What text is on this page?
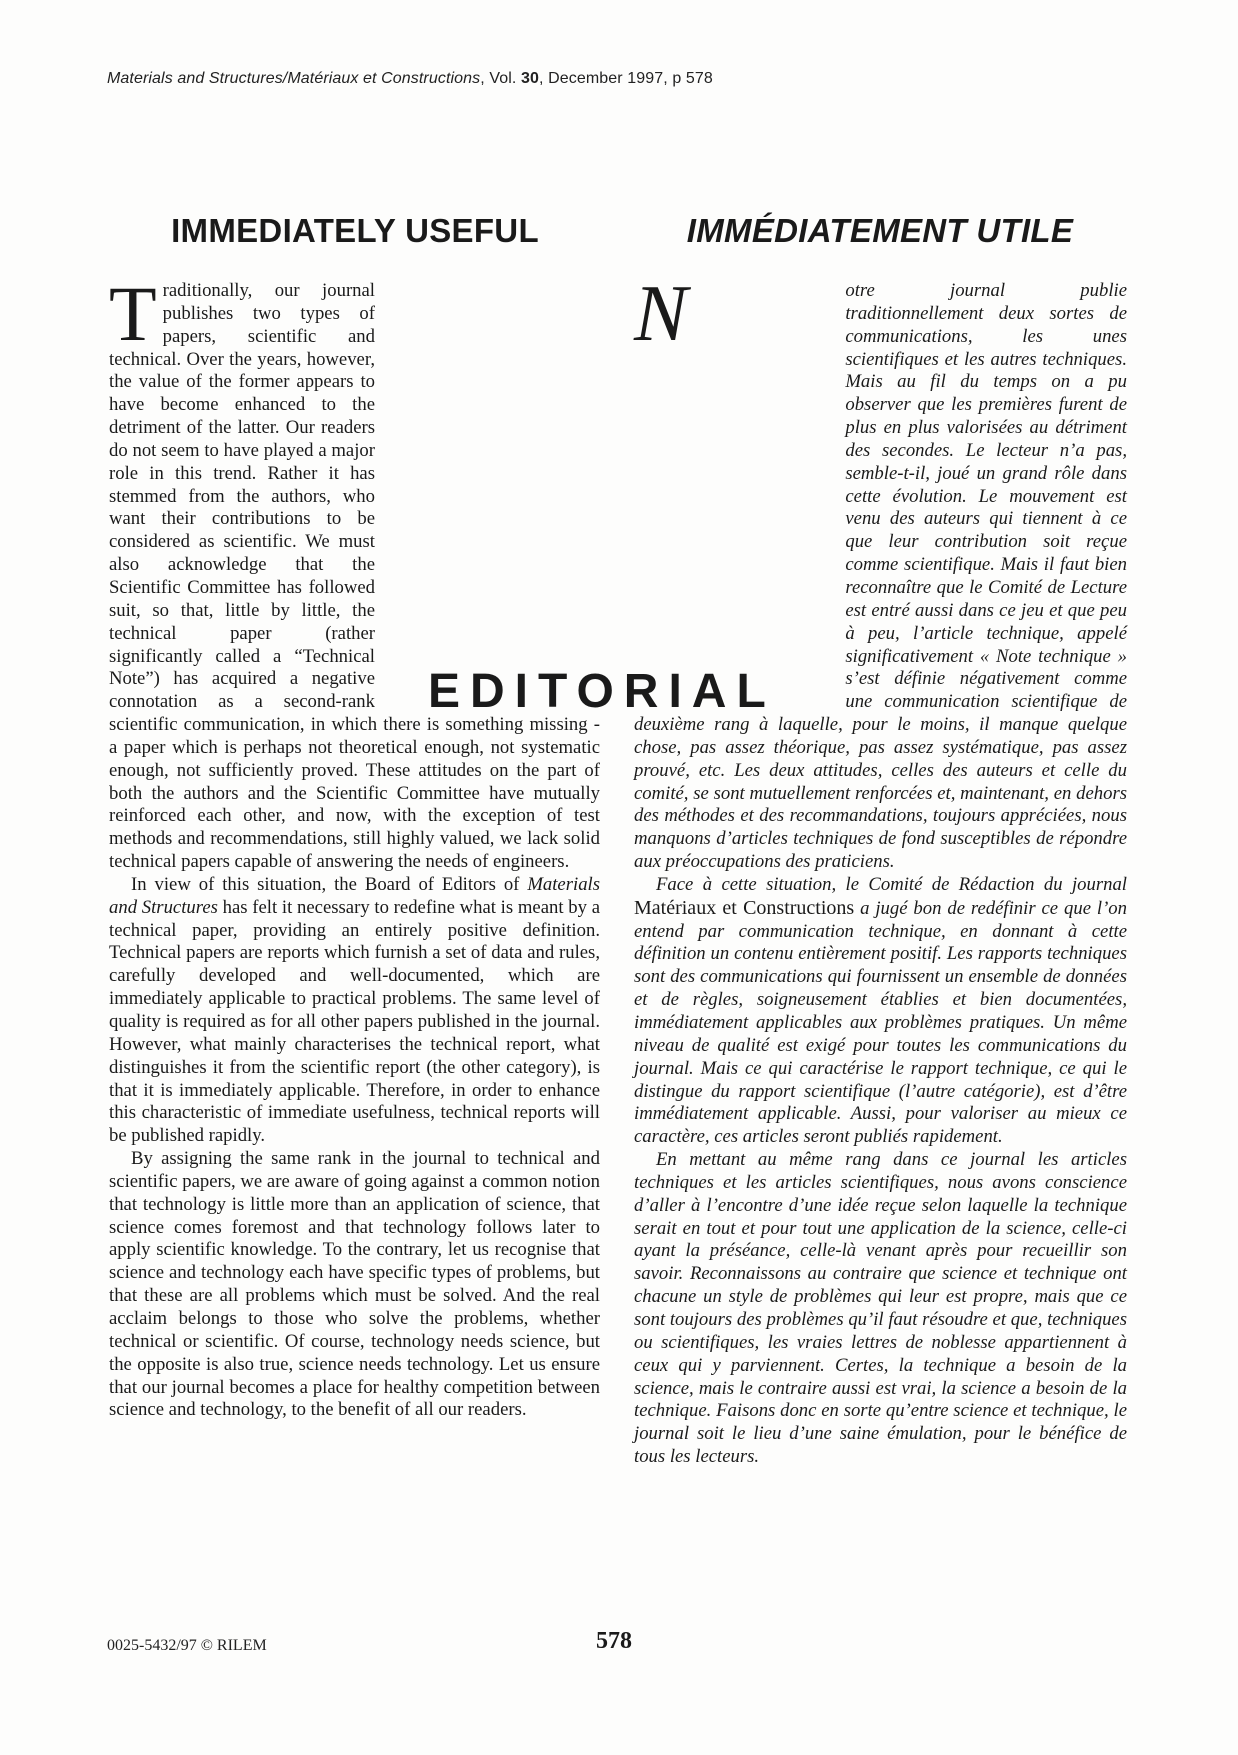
Materials and Structures/Matériaux et Constructions, Vol. 30, December 1997, p 578
IMMEDIATELY USEFUL	IMMÉDIATEMENT UTILE

Traditionally, our journal publishes two types of papers, scientific and technical. Over the years, however, the value of the former appears to have become enhanced to the detriment of the latter. Our readers do not seem to have played a major role in this trend. Rather it has stemmed from the authors, who want their contributions to be considered as scientific. We must also acknowledge that the Scientific Committee has followed suit, so that, little by little, the technical paper (rather significantly called a “Technical Note”) has acquired a negative connotation as a second-rank scientific communication, in which there is something missing - a paper which is perhaps not theoretical enough, not systematic enough, not sufficiently proved. These attitudes on the part of both the authors and the Scientific Committee have mutually reinforced each other, and now, with the exception of test methods and recommendations, still highly valued, we lack solid technical papers capable of answering the needs of engineers.

In view of this situation, the Board of Editors of Materials and Structures has felt it necessary to redefine what is meant by a technical paper, providing an entirely positive definition. Technical papers are reports which furnish a set of data and rules, carefully developed and well-documented, which are immediately applicable to practical problems. The same level of quality is required as for all other papers published in the journal. However, what mainly characterises the technical report, what distinguishes it from the scientific report (the other category), is that it is immediately applicable. Therefore, in order to enhance this characteristic of immediate usefulness, technical reports will be published rapidly.

By assigning the same rank in the journal to technical and scientific papers, we are aware of going against a common notion that technology is little more than an application of science, that science comes foremost and that technology follows later to apply scientific knowledge. To the contrary, let us recognise that science and technology each have specific types of problems, but that these are all problems which must be solved. And the real acclaim belongs to those who solve the problems, whether technical or scientific. Of course, technology needs science, but the opposite is also true, science needs technology. Let us ensure that our journal becomes a place for healthy competition between science and technology, to the benefit of all our readers.

N	otre journal publie traditionnellement deux sortes de communications, les unes scientifiques et les autres techniques. Mais au fil du temps on a pu observer que les premières furent de plus en plus valorisées au détriment des secondes. Le lecteur n’a pas, semble-t-il, joué un grand rôle dans cette évolution. Le mouvement est venu des auteurs qui tiennent à ce que leur contribution soit reçue comme scientifique. Mais il faut bien reconnaître que le Comité de Lecture est entré aussi dans ce jeu et que peu à peu, l’article technique, appelé significativement « Note technique » s’est définie négativement comme une communication scientifique de deuxième rang à laquelle, pour le moins, il manque quelque chose, pas assez théorique, pas assez systématique, pas assez prouvé, etc. Les deux attitudes, celles des auteurs et celle du comité, se sont mutuellement renforcées et, maintenant, en dehors des méthodes et des recommandations, toujours appréciées, nous manquons d’articles techniques de fond susceptibles de répondre aux préoccupations des praticiens.

Face à cette situation, le Comité de Rédaction du journal Matériaux et Constructions a jugé bon de redéfinir ce que l’on entend par communication technique, en donnant à cette définition un contenu entièrement positif. Les rapports techniques sont des communications qui fournissent un ensemble de données et de règles, soigneusement établies et bien documentées, immédiatement applicables aux problèmes pratiques. Un même niveau de qualité est exigé pour toutes les communications du journal. Mais ce qui caractérise le rapport technique, ce qui le distingue du rapport scientifique (l’autre catégorie), est d’être immédiatement applicable. Aussi, pour valoriser au mieux ce caractère, ces articles seront publiés rapidement.

En mettant au même rang dans ce journal les articles techniques et les articles scientifiques, nous avons conscience d’aller à l’encontre d’une idée reçue selon laquelle la technique serait en tout et pour tout une application de la science, celle-ci ayant la préséance, celle-là venant après pour recueillir son savoir. Reconnaissons au contraire que science et technique ont chacune un style de problèmes qui leur est propre, mais que ce sont toujours des problèmes qu’il faut résoudre et que, techniques ou scientifiques, les vraies lettres de noblesse appartiennent à ceux qui y parviennent. Certes, la technique a besoin de la science, mais le contraire aussi est vrai, la science a besoin de la technique. Faisons donc en sorte qu’entre science et technique, le journal soit le lieu d’une saine émulation, pour le bénéfice de tous les lecteurs.

EDITORIAL
0025-5432/97 © RILEM	578
